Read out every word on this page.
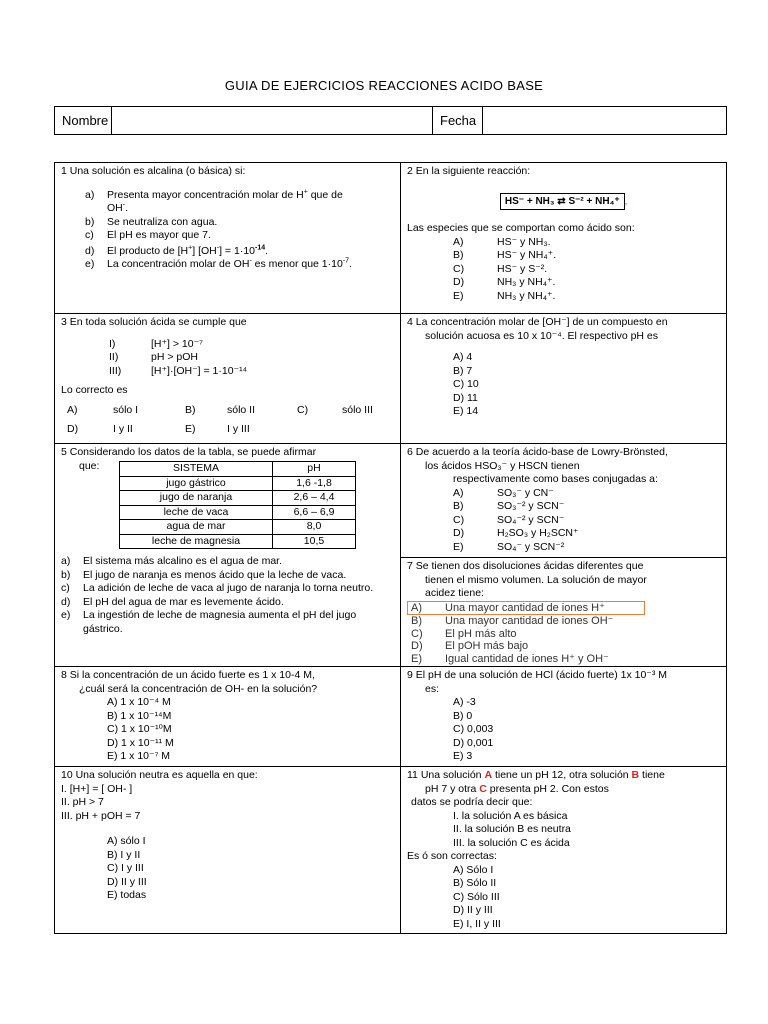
GUIA DE EJERCICIOS REACCIONES ACIDO BASE
Nombre	Fecha

1 Una solución es alcalina (o básica) si:

a)	Presenta mayor concentración molar de H+ que de
OH-.
b)	Se neutraliza con agua.
c)	El pH es mayor que 7.
d)	El producto de [H+] $[OH^-] = 1\cdot 10^{-14}$.
e)	La concentración molar de OH- es menor que $1\cdot 10^{-7}$.

2 En la siguiente reacción:

HS⁻ + NH₃ ⇄ S⁻² + NH₄⁺ ,

Las especies que se comportan como ácido son:

A)	HS⁻ y NH₃.
B)	HS⁻ y NH₄⁺.
C)	HS⁻ y S⁻².
D)	NH₃ y NH₄⁺.
E)	NH₃ y NH₄⁺.

3 En toda solución ácida se cumple que

I)	[H⁺] > 10⁻⁷
II)	pH > pOH
III)	[H⁺]·[OH⁻] = 1·10⁻¹⁴

Lo correcto es

A)	sólo I	B)	sólo II	C)	sólo III
D)	I y II	E)	I y III

4 La concentración molar de [OH⁻] de un compuesto en

solución acuosa es 10 x 10⁻⁴. El respectivo pH es

A) 4

B) 7

C) 10

D) 11

E) 14

5 Considerando los datos de la tabla, se puede afirmar

que:	SISTEMA	pH
jugo gástrico	1,6 -1,8
jugo de naranja	2,6 – 4,4
leche de vaca	6,6 – 6,9
agua de mar	8,0
leche de magnesia	10,5
a)	El sistema más alcalino es el agua de mar.
b)	El jugo de naranja es menos ácido que la leche de vaca.
c)	La adición de leche de vaca al jugo de naranja lo torna neutro.
d)	El pH del agua de mar es levemente ácido.
e)	La ingestión de leche de magnesia aumenta el pH del jugo gástrico.

6 De acuerdo a la teoría ácido-base de Lowry-Brönsted,

los ácidos HSO₃⁻ y HSCN tienen

respectivamente como bases conjugadas a:

A)	SO₃⁻ y CN⁻
B)	SO₃⁻² y SCN⁻
C)	SO₄⁻² y SCN⁻
D)	H₂SO₃ y H₂SCN⁺
E)	SO₄⁻ y SCN⁻²

7 Se tienen dos disoluciones ácidas diferentes que

tienen el mismo volumen. La solución de mayor

acidez tiene:

A) Una mayor cantidad de iones H⁺
B)	Una mayor cantidad de iones OH⁻
C)	El pH más alto
D)	El pOH más bajo
E)	Igual cantidad de iones H⁺ y OH⁻

8 Si la concentración de un ácido fuerte es 1 x 10-4 M,

¿cuál será la concentración de OH- en la solución?

A) 1 x 10⁻⁴ M

B) 1 x 10⁻¹⁴M

C) 1 x 10⁻¹⁰M

D) 1 x 10⁻¹¹ M

E) 1 x 10⁻⁷ M

9 El pH de una solución de HCl (ácido fuerte) 1x 10⁻³ M

es:

A) -3

B) 0

C) 0,003

D) 0,001

E) 3

10 Una solución neutra es aquella en que:

I. [H+] = [ OH- ]

II. pH > 7

III. pH + pOH = 7

A) sólo I

B) I y II

C) I y III

D) II y III

E) todas

11 Una solución A tiene un pH 12, otra solución B tiene

pH 7 y otra C presenta pH 2. Con estos

datos se podría decir que:

I. la solución A es básica

II. la solución B es neutra

III. la solución C es ácida

Es ó son correctas:

A) Sólo I

B) Sólo II

C) Sólo III

D) II y III

E) I, II y III
